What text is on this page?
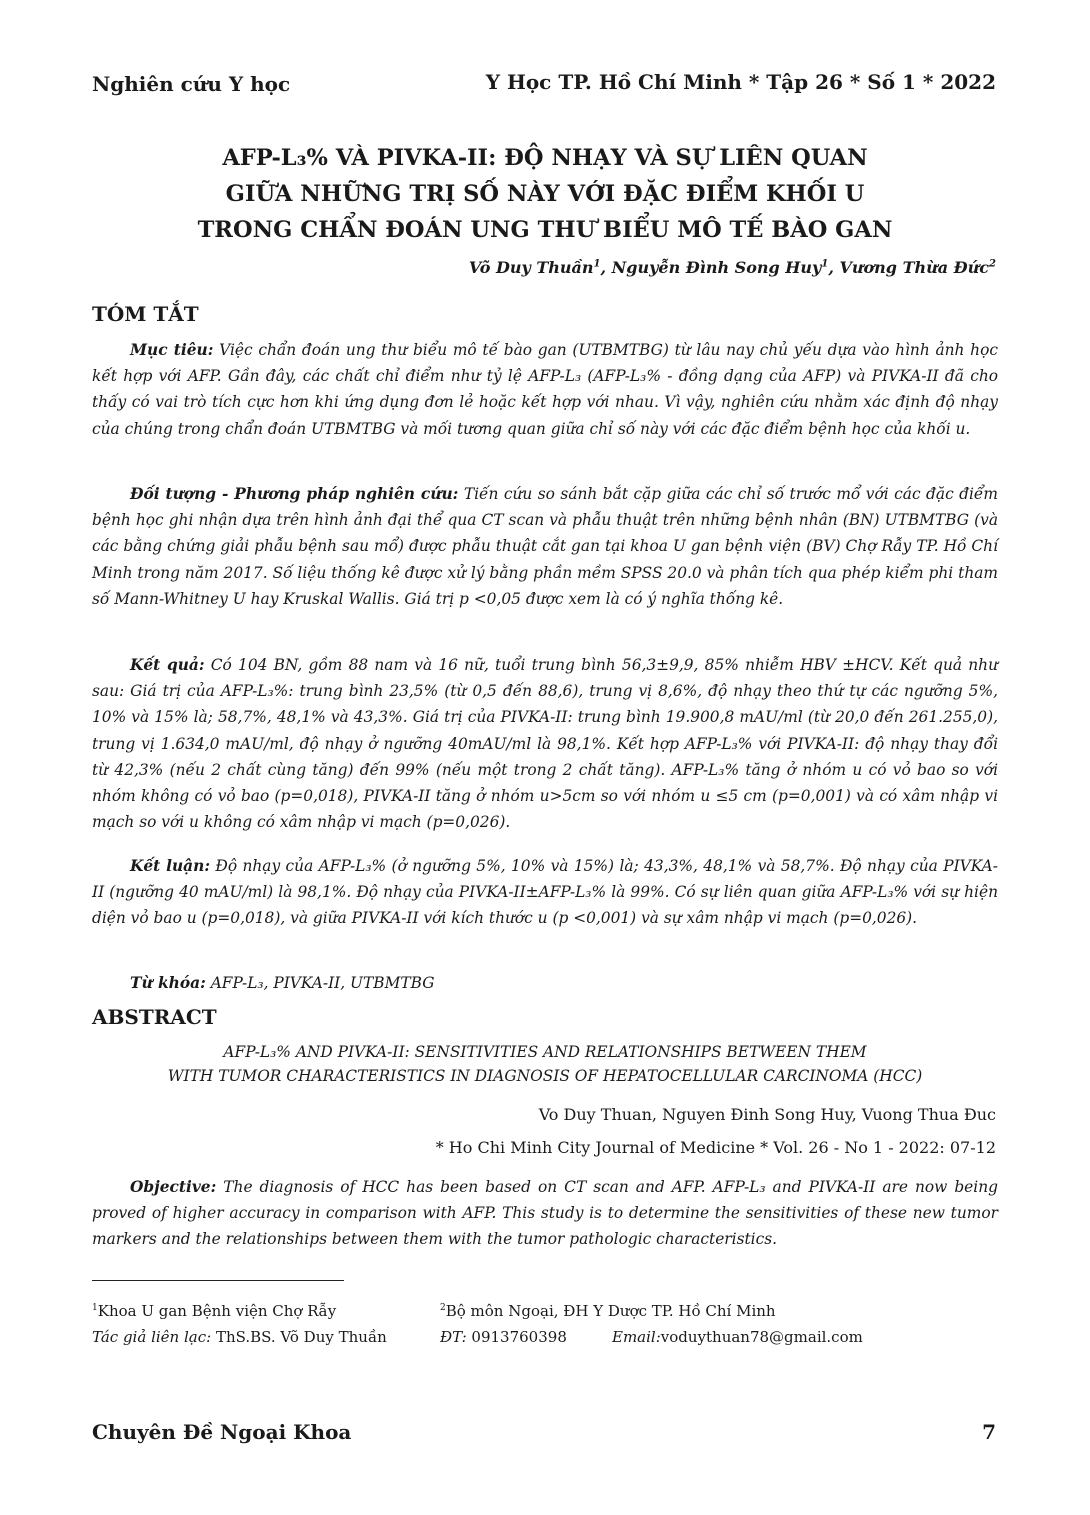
Nghiên cứu Y học	Y Học TP. Hồ Chí Minh * Tập 26 * Số 1 * 2022
AFP-L₃% VÀ PIVKA-II: ĐỘ NHẠY VÀ SỰ LIÊN QUAN
GIỮA NHỮNG TRỊ SỐ NÀY VỚI ĐẶC ĐIỂM KHỐI U
TRONG CHẨN ĐOÁN UNG THƯ BIỂU MÔ TẾ BÀO GAN
Võ Duy Thuần$^1$, Nguyễn Đình Song Huy$^1$, Vương Thừa Đức$^2$
TÓM TẮT

Mục tiêu: Việc chẩn đoán ung thư biểu mô tế bào gan (UTBMTBG) từ lâu nay chủ yếu dựa vào hình ảnh học kết hợp với AFP. Gần đây, các chất chỉ điểm như tỷ lệ AFP-L₃ (AFP-L₃% - đồng dạng của AFP) và PIVKA-II đã cho thấy có vai trò tích cực hơn khi ứng dụng đơn lẻ hoặc kết hợp với nhau. Vì vậy, nghiên cứu nhằm xác định độ nhạy của chúng trong chẩn đoán UTBMTBG và mối tương quan giữa chỉ số này với các đặc điểm bệnh học của khối u.

Đối tượng - Phương pháp nghiên cứu: Tiến cứu so sánh bắt cặp giữa các chỉ số trước mổ với các đặc điểm bệnh học ghi nhận dựa trên hình ảnh đại thể qua CT scan và phẫu thuật trên những bệnh nhân (BN) UTBMTBG (và các bằng chứng giải phẫu bệnh sau mổ) được phẫu thuật cắt gan tại khoa U gan bệnh viện (BV) Chợ Rẫy TP. Hồ Chí Minh trong năm 2017. Số liệu thống kê được xử lý bằng phần mềm SPSS 20.0 và phân tích qua phép kiểm phi tham số Mann-Whitney U hay Kruskal Wallis. Giá trị p <0,05 được xem là có ý nghĩa thống kê.

Kết quả: Có 104 BN, gồm 88 nam và 16 nữ, tuổi trung bình 56,3±9,9, 85% nhiễm HBV ±HCV. Kết quả như sau: Giá trị của AFP-L₃%: trung bình 23,5% (từ 0,5 đến 88,6), trung vị 8,6%, độ nhạy theo thứ tự các ngưỡng 5%, 10% và 15% là; 58,7%, 48,1% và 43,3%. Giá trị của PIVKA-II: trung bình 19.900,8 mAU/ml (từ 20,0 đến 261.255,0), trung vị 1.634,0 mAU/ml, độ nhạy ở ngưỡng 40mAU/ml là 98,1%. Kết hợp AFP-L₃% với PIVKA-II: độ nhạy thay đổi từ 42,3% (nếu 2 chất cùng tăng) đến 99% (nếu một trong 2 chất tăng). AFP-L₃% tăng ở nhóm u có vỏ bao so với nhóm không có vỏ bao (p=0,018), PIVKA-II tăng ở nhóm u>5cm so với nhóm u ≤5 cm (p=0,001) và có xâm nhập vi mạch so với u không có xâm nhập vi mạch (p=0,026).

Kết luận: Độ nhạy của AFP-L₃% (ở ngưỡng 5%, 10% và 15%) là; 43,3%, 48,1% và 58,7%. Độ nhạy của PIVKA-II (ngưỡng 40 mAU/ml) là 98,1%. Độ nhạy của PIVKA-II±AFP-L₃% là 99%. Có sự liên quan giữa AFP-L₃% với sự hiện diện vỏ bao u (p=0,018), và giữa PIVKA-II với kích thước u (p <0,001) và sự xâm nhập vi mạch (p=0,026).

Từ khóa: AFP-L₃, PIVKA-II, UTBMTBG

ABSTRACT
AFP-L₃% AND PIVKA-II: SENSITIVITIES AND RELATIONSHIPS BETWEEN THEM
WITH TUMOR CHARACTERISTICS IN DIAGNOSIS OF HEPATOCELLULAR CARCINOMA (HCC)
Vo Duy Thuan, Nguyen Đinh Song Huy, Vuong Thua Đuc
* Ho Chi Minh City Journal of Medicine * Vol. 26 - No 1 - 2022: 07-12

Objective: The diagnosis of HCC has been based on CT scan and AFP. AFP-L₃ and PIVKA-II are now being proved of higher accuracy in comparison with AFP. This study is to determine the sensitivities of these new tumor markers and the relationships between them with the tumor pathologic characteristics.

$^1$Khoa U gan Bệnh viện Chợ Rẫy	$^2$Bộ môn Ngoại, ĐH Y Dược TP. Hồ Chí Minh
Tác giả liên lạc: ThS.BS. Võ Duy Thuần	ĐT: 0913760398	Email:voduythuan78@gmail.com
Chuyên Đề Ngoại Khoa	7
